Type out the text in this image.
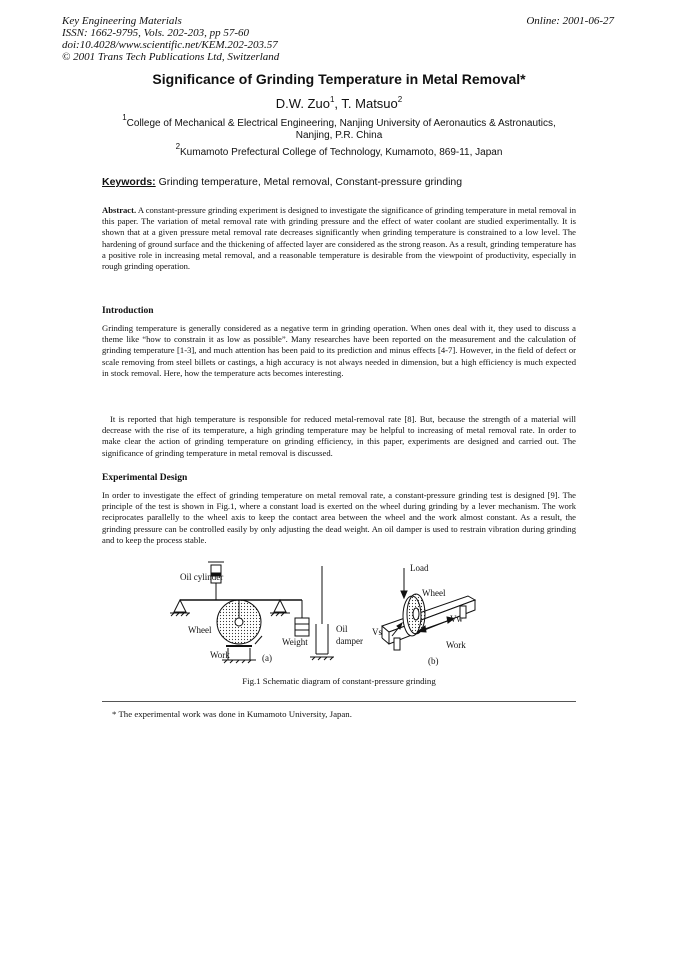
Key Engineering Materials
ISSN: 1662-9795, Vols. 202-203, pp 57-60
doi:10.4028/www.scientific.net/KEM.202-203.57
© 2001 Trans Tech Publications Ltd, Switzerland
Online: 2001-06-27
Significance of Grinding Temperature in Metal Removal*
D.W. Zuo$^1$, T. Matsuo$^2$
$^1$College of Mechanical & Electrical Engineering, Nanjing University of Aeronautics & Astronautics,
Nanjing, P.R. China
$^2$Kumamoto Prefectural College of Technology, Kumamoto, 869-11, Japan
Keywords: Grinding temperature, Metal removal, Constant-pressure grinding
Abstract. A constant-pressure grinding experiment is designed to investigate the significance of grinding temperature in metal removal in this paper. The variation of metal removal rate with grinding pressure and the effect of water coolant are studied experimentally. It is shown that at a given pressure metal removal rate decreases significantly when grinding temperature is constrained to a low level. The hardening of ground surface and the thickening of affected layer are considered as the strong reason. As a result, grinding temperature has a positive role in increasing metal removal, and a reasonable temperature is desirable from the viewpoint of productivity, especially in rough grinding operation.
Introduction
Grinding temperature is generally considered as a negative term in grinding operation. When ones deal with it, they used to discuss a theme like “how to constrain it as low as possible”. Many researches have been reported on the measurement and the calculation of grinding temperature [1-3], and much attention has been paid to its prediction and minus effects [4-7]. However, in the field of defect or scale removing from steel billets or castings, a high accuracy is not always needed in dimension, but a high efficiency is much expected in stock removal. Here, how the temperature acts becomes interesting.
It is reported that high temperature is responsible for reduced metal-removal rate [8]. But, because the strength of a material will decrease with the rise of its temperature, a high grinding temperature may be helpful to increasing of metal removal rate. In order to make clear the action of grinding temperature on grinding efficiency, in this paper, experiments are designed and carried out. The significance of grinding temperature in metal removal is discussed.
Experimental Design
In order to investigate the effect of grinding temperature on metal removal rate, a constant-pressure grinding test is designed [9]. The principle of the test is shown in Fig.1, where a constant load is exerted on the wheel during grinding by a lever mechanism. The work reciprocates parallelly to the wheel axis to keep the contact area between the wheel and the work almost constant. As a result, the grinding pressure can be controlled easily by only adjusting the dead weight. An oil damper is used to restrain vibration during grinding and to keep the process stable.
Oil cylinder
Wheel
Work
Weight
Oil
damper
(a)
Load
Wheel
Vs
Vw
Work
(b)
Fig.1 Schematic diagram of constant-pressure grinding
* The experimental work was done in Kumamoto University, Japan.
